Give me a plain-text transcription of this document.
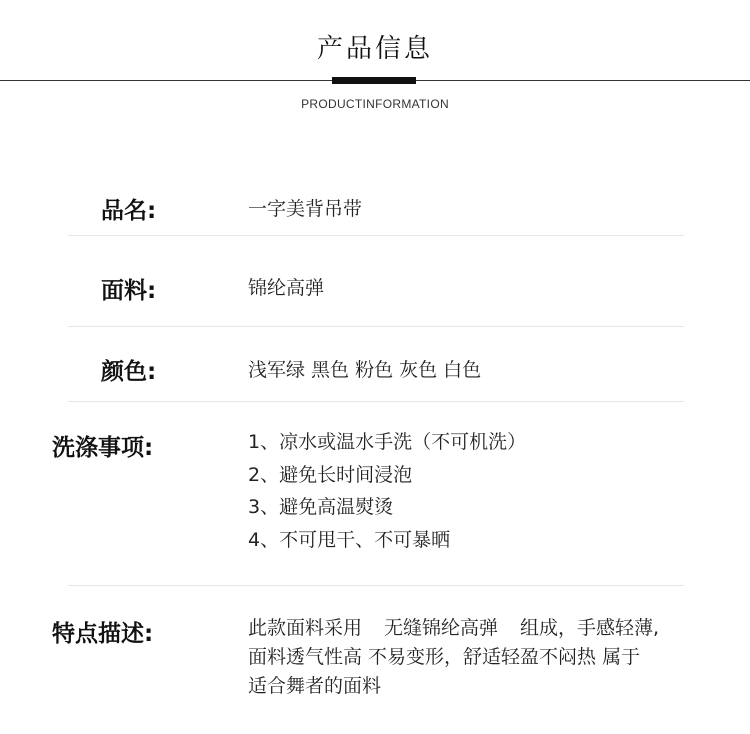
产品信息
PRODUCTINFORMATION
品名:	一字美背吊带
面料:	锦纶高弹
颜色:	浅军绿 黑色 粉色 灰色 白色
洗涤事项:	1、凉水或温水手洗（不可机洗）
2、避免长时间浸泡
3、避免高温熨烫
4、不可甩干、不可暴晒
特点描述:	此款面料采用 无缝锦纶高弹 组成，手感轻薄,
面料透气性高 不易变形，舒适轻盈不闷热 属于
适合舞者的面料
